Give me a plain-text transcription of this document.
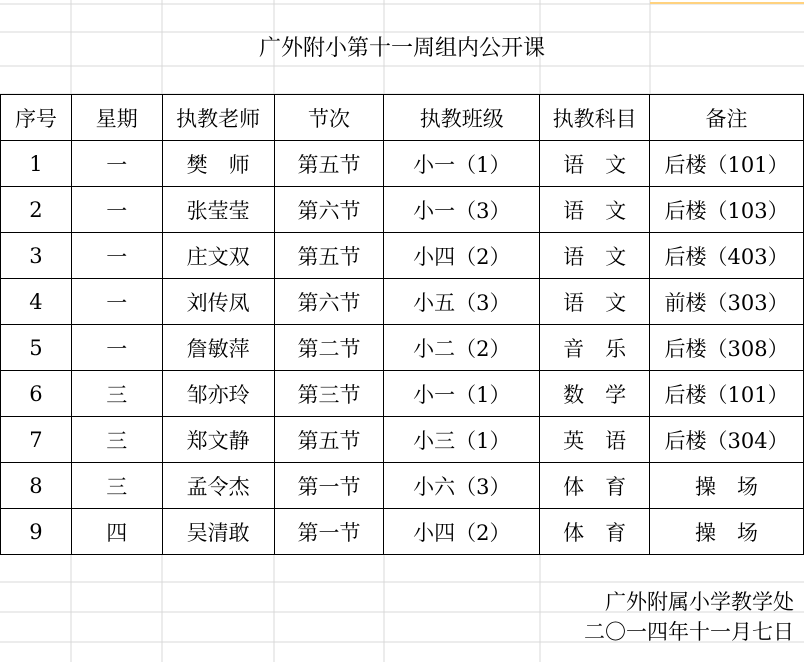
广外附小第十一周组内公开课
序号	星期	执教老师	节次	执教班级	执教科目	备注
1	一	樊　师	第五节	小一（1）	语　文	后楼（101）
2	一	张莹莹	第六节	小一（3）	语　文	后楼（103）
3	一	庄文双	第五节	小四（2）	语　文	后楼（403）
4	一	刘传凤	第六节	小五（3）	语　文	前楼（303）
5	一	詹敏萍	第二节	小二（2）	音　乐	后楼（308）
6	三	邹亦玲	第三节	小一（1）	数　学	后楼（101）
7	三	郑文静	第五节	小三（1）	英　语	后楼（304）
8	三	孟令杰	第一节	小六（3）	体　育	操　场
9	四	吴清敢	第一节	小四（2）	体　育	操　场
广外附属小学教学处
二〇一四年十一月七日
